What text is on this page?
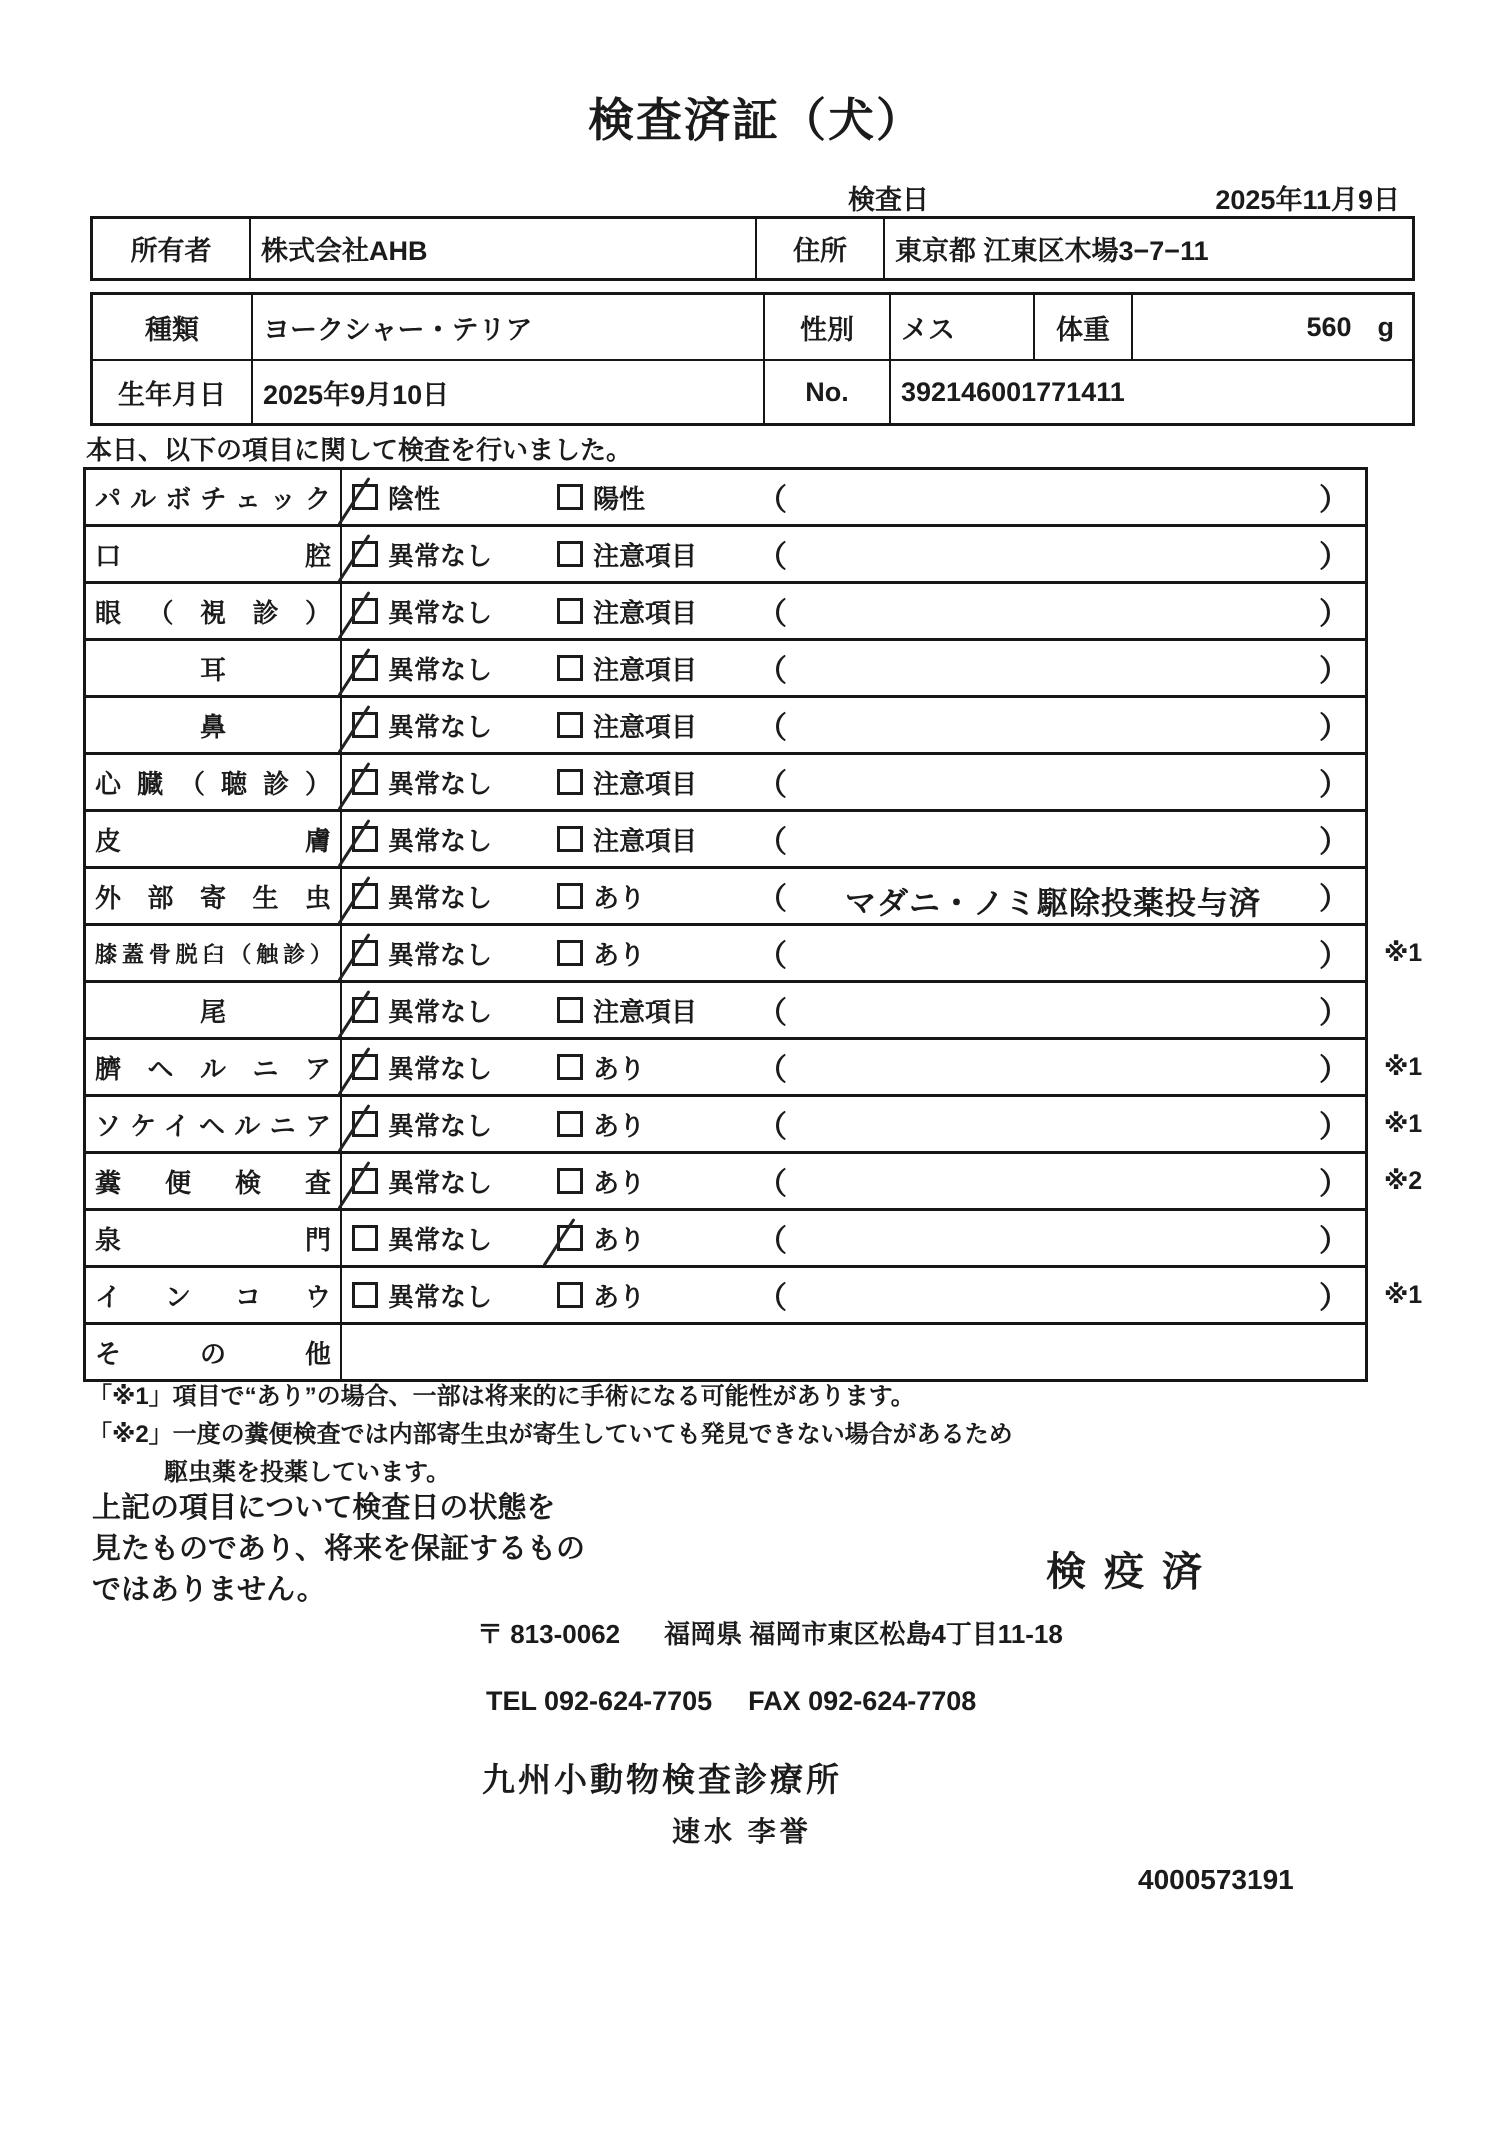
検査済証（犬）
検査日	2025年11月9日
所有者	株式会社AHB	住所	東京都 江東区木場3−7−11
種類	ヨークシャー・テリア	性別	メス	体重	560 g
生年月日	2025年9月10日	No.	392146001771411
本日、以下の項目に関して検査を行いました。
パルボチェック 陰性	陽性	（	）
口腔 異常なし	注意項目 （	）
眼（視診） 異常なし	注意項目 （	）
耳	異常なし	注意項目 （	）
鼻	異常なし	注意項目 （	）
心臓（聴診） 異常なし	注意項目 （	）
皮膚 異常なし	注意項目 （	）
外部寄生虫 異常なし	あり	（	マダニ・ノミ駆除投薬投与済	）
膝蓋骨脱臼（触診） 異常なし	あり	（	）	※1
尾	異常なし	注意項目 （	）
臍ヘルニア 異常なし	あり	（	）	※1
ソケイヘルニア 異常なし	あり	（	）	※1
糞便検査 異常なし	あり	（	）	※2
泉門 異常なし	あり	（	）
インコウ 異常なし	あり	（	）	※1
その他
「※1」項目で“あり”の場合、一部は将来的に手術になる可能性があります。
「※2」一度の糞便検査では内部寄生虫が寄生していても発見できない場合があるため
駆虫薬を投薬しています。
上記の項目について検査日の状態を
見たものであり、将来を保証するもの
ではありません。	検疫済
〒 813-0062 福岡県 福岡市東区松島4丁目11-18
TEL 092-624-7705 FAX 092-624-7708
九州小動物検査診療所
速水 李誉
4000573191
